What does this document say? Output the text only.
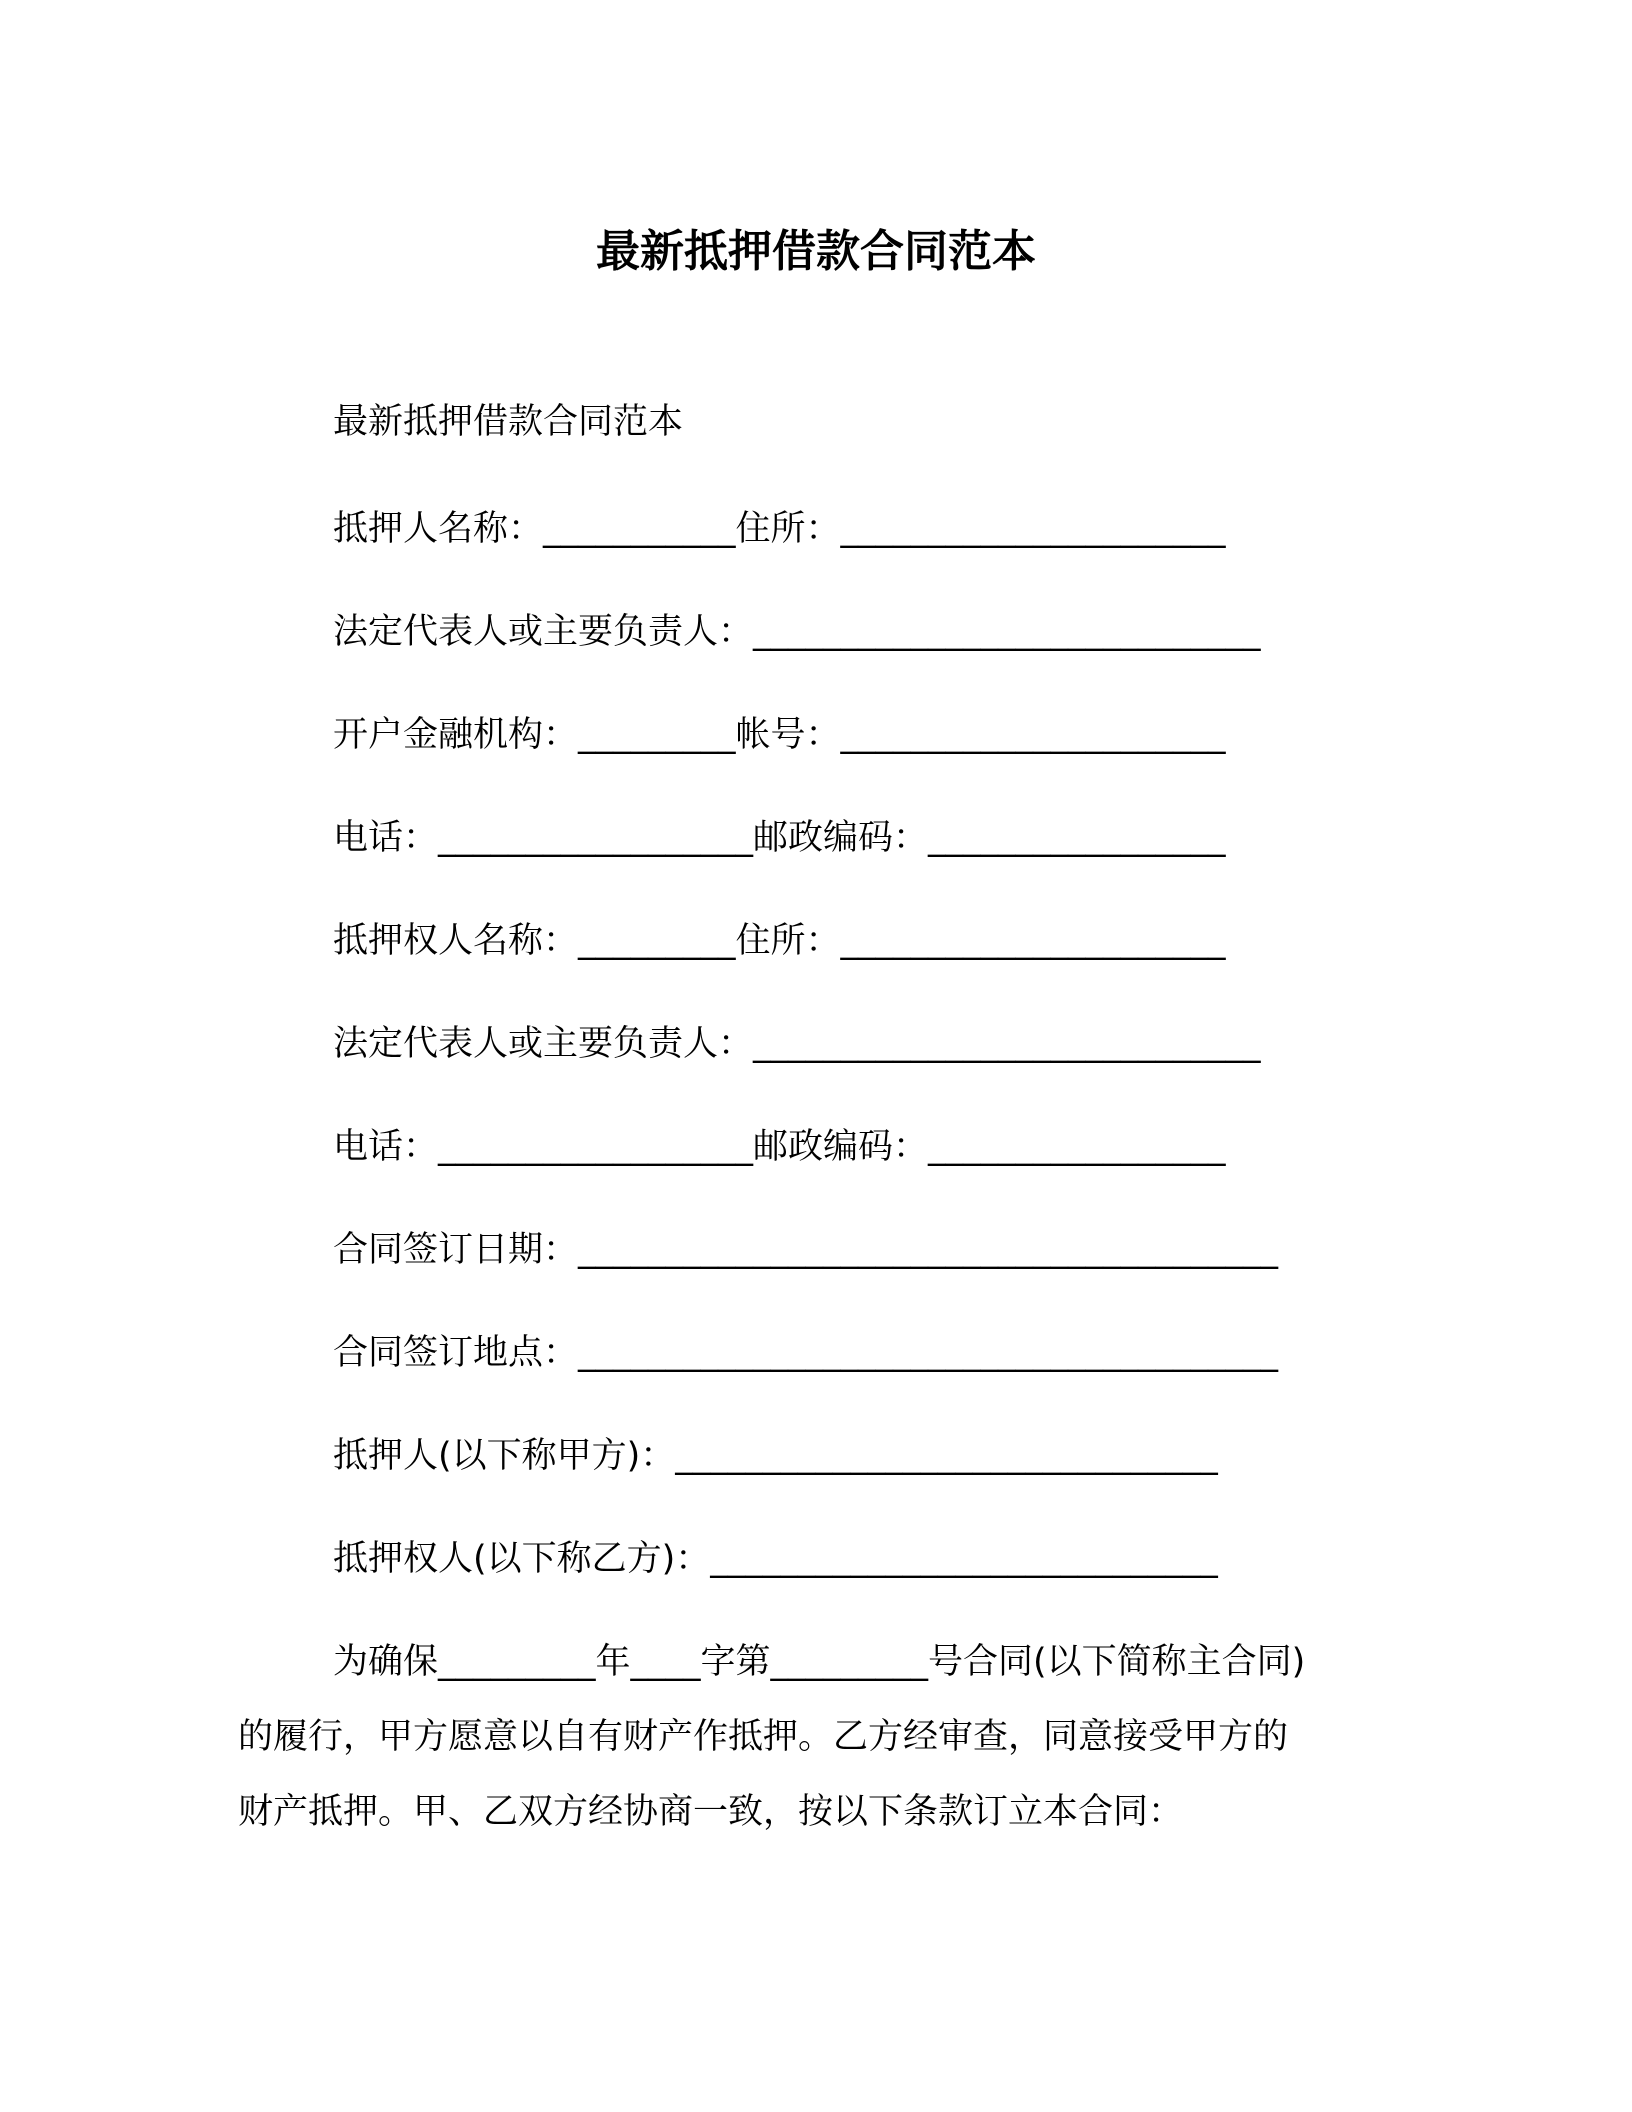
最新抵押借款合同范本
最新抵押借款合同范本
抵押人名称：___________住所：______________________
法定代表人或主要负责人：_____________________________
开户金融机构：_________帐号：______________________
电话：__________________邮政编码：_________________
抵押权人名称：_________住所：______________________
法定代表人或主要负责人：_____________________________
电话：__________________邮政编码：_________________
合同签订日期：________________________________________
合同签订地点：________________________________________
抵押人(以下称甲方)：_______________________________
抵押权人(以下称乙方)：_____________________________
为确保_________年____字第_________号合同(以下简称主合同)
的履行，甲方愿意以自有财产作抵押。乙方经审查，同意接受甲方的
财产抵押。甲、乙双方经协商一致，按以下条款订立本合同：
